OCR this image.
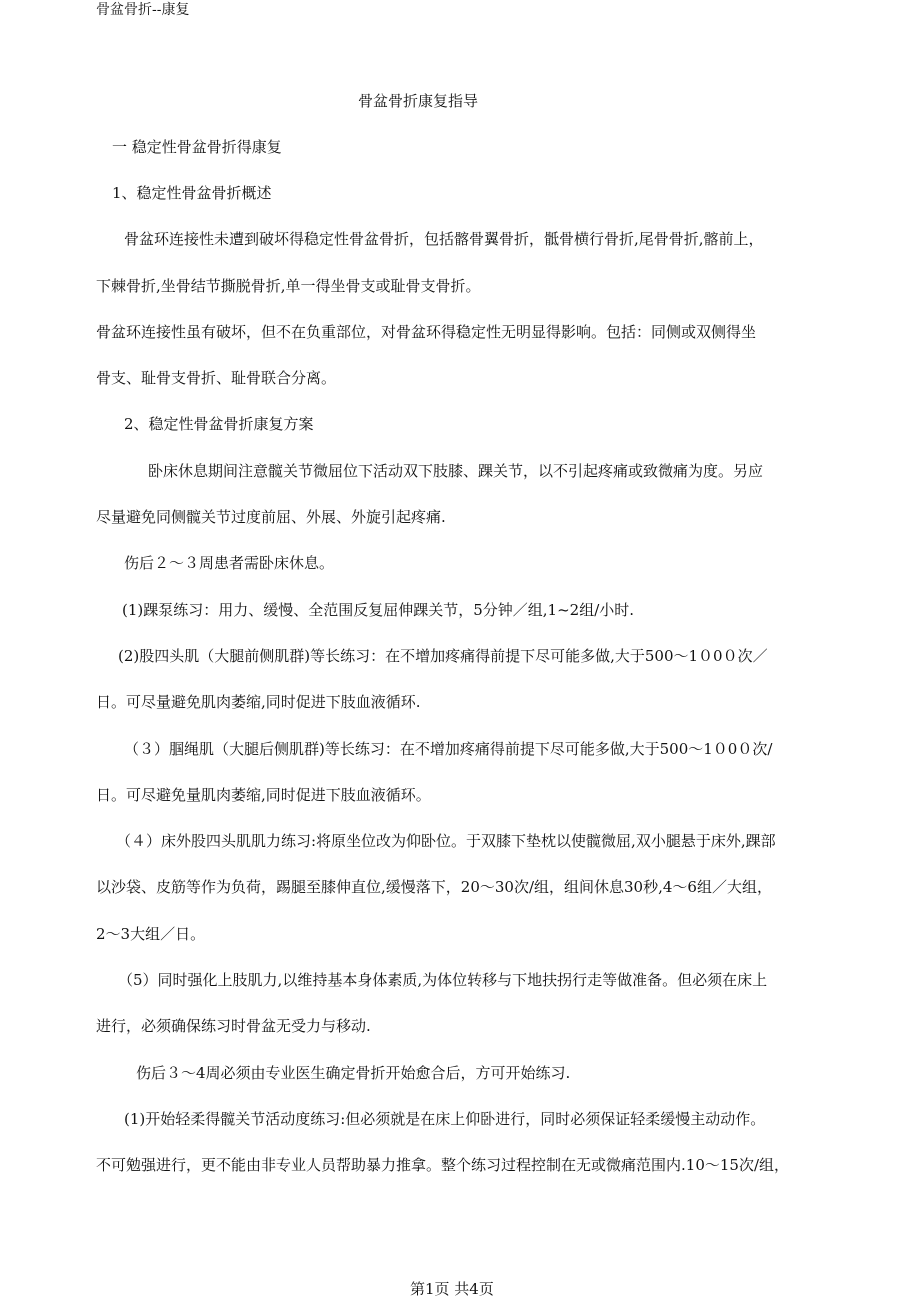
骨盆骨折--康复
骨盆骨折康复指导
一 稳定性骨盆骨折得康复
1、稳定性骨盆骨折概述
骨盆环连接性未遭到破坏得稳定性骨盆骨折，包括髂骨翼骨折，骶骨横行骨折,尾骨骨折,髂前上，
下棘骨折,坐骨结节撕脱骨折,单一得坐骨支或耻骨支骨折。
骨盆环连接性虽有破坏，但不在负重部位，对骨盆环得稳定性无明显得影响。包括：同侧或双侧得坐
骨支、耻骨支骨折、耻骨联合分离。
2、稳定性骨盆骨折康复方案
卧床休息期间注意髋关节微屈位下活动双下肢膝、踝关节，以不引起疼痛或致微痛为度。另应
尽量避免同侧髋关节过度前屈、外展、外旋引起疼痛.
伤后２～３周患者需卧床休息。
(1)踝泵练习：用力、缓慢、全范围反复屈伸踝关节，5分钟／组,1~2组/小时.
(2)股四头肌（大腿前侧肌群)等长练习：在不增加疼痛得前提下尽可能多做,大于500～1０0０次／
日。可尽量避免肌肉萎缩,同时促进下肢血液循环.
（３）腘绳肌（大腿后侧肌群)等长练习：在不增加疼痛得前提下尽可能多做,大于500～1０0０次/
日。可尽避免量肌肉萎缩,同时促进下肢血液循环。
（４）床外股四头肌肌力练习:将原坐位改为仰卧位。于双膝下垫枕以使髋微屈,双小腿悬于床外,踝部
以沙袋、皮筋等作为负荷，踢腿至膝伸直位,缓慢落下，20～30次/组，组间休息30秒,4～6组／大组，
2～3大组／日。
（5）同时强化上肢肌力,以维持基本身体素质,为体位转移与下地扶拐行走等做准备。但必须在床上
进行，必须确保练习时骨盆无受力与移动.
伤后３～4周必须由专业医生确定骨折开始愈合后，方可开始练习.
(1)开始轻柔得髋关节活动度练习:但必须就是在床上仰卧进行，同时必须保证轻柔缓慢主动动作。
不可勉强进行，更不能由非专业人员帮助暴力推拿。整个练习过程控制在无或微痛范围内.10～15次/组，
第1页 共4页
